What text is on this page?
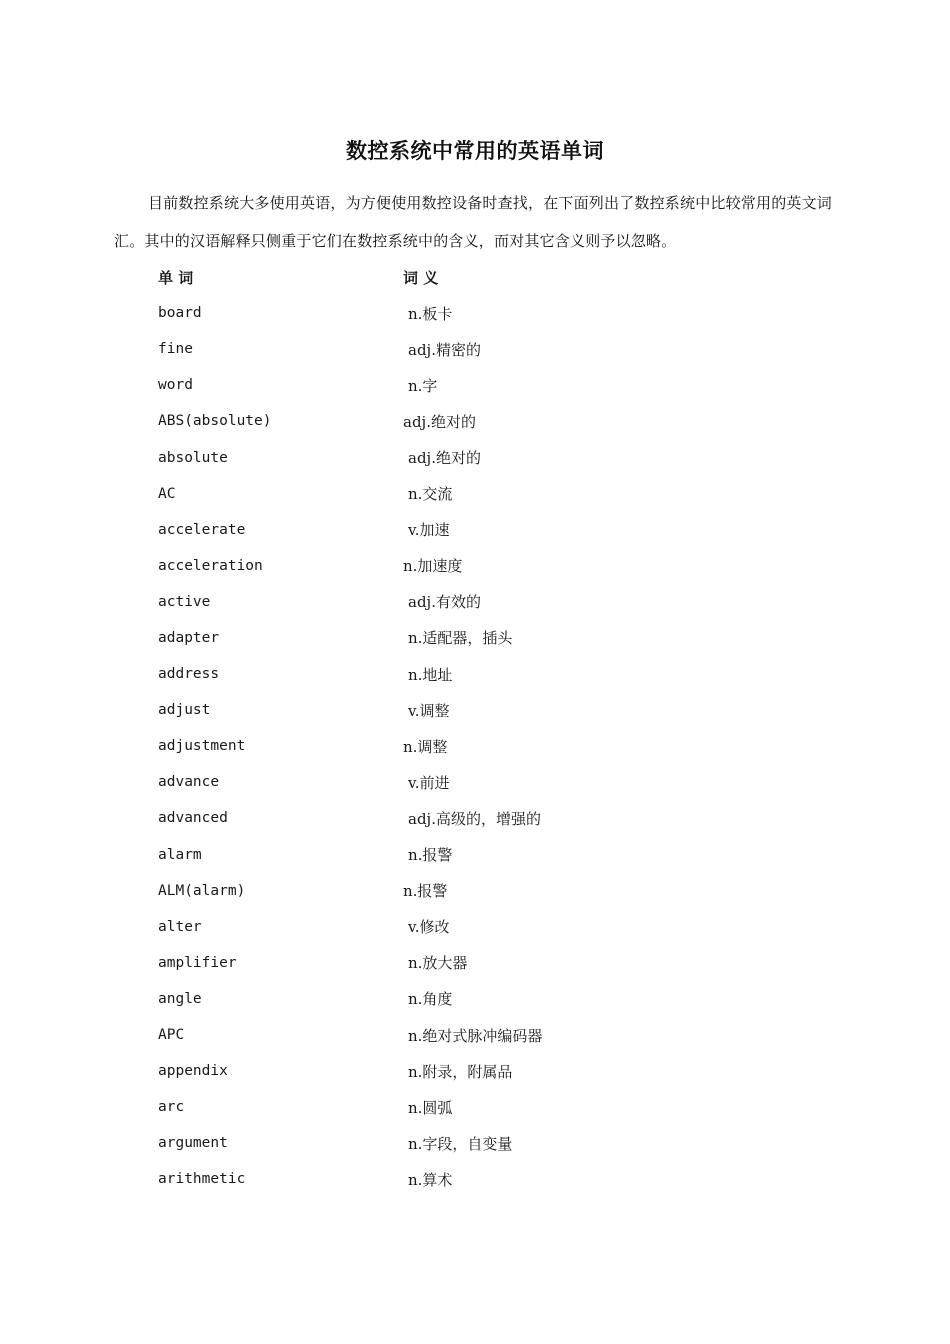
数控系统中常用的英语单词
目前数控系统大多使用英语，为方便使用数控设备时查找，在下面列出了数控系统中比较常用的英文词汇。其中的汉语解释只侧重于它们在数控系统中的含义，而对其它含义则予以忽略。
单 词	词 义
board	n.板卡
fine	adj.精密的
word	n.字
ABS(absolute)	adj.绝对的
absolute	adj.绝对的
AC	n.交流
accelerate	v.加速
acceleration	n.加速度
active	adj.有效的
adapter	n.适配器，插头
address	n.地址
adjust	v.调整
adjustment	n.调整
advance	v.前进
advanced	adj.高级的，增强的
alarm	n.报警
ALM(alarm)	n.报警
alter	v.修改
amplifier	n.放大器
angle	n.角度
APC	n.绝对式脉冲编码器
appendix	n.附录，附属品
arc	n.圆弧
argument	n.字段，自变量
arithmetic	n.算术
